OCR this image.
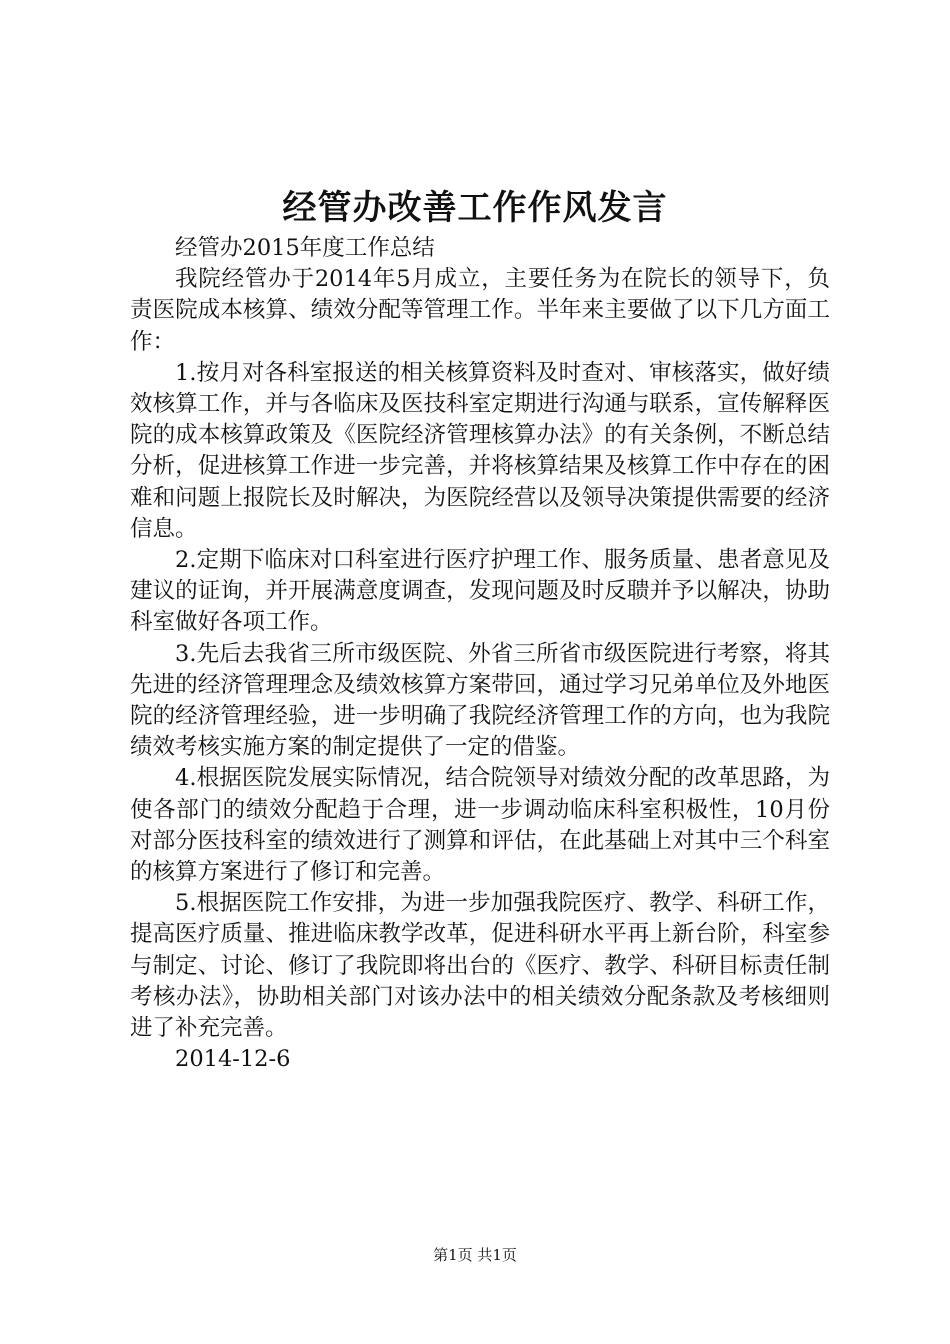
经管办改善工作作风发言

经管办2015年度工作总结

我院经管办于2014年5月成立，主要任务为在院长的领导下，负责医院成本核算、绩效分配等管理工作。半年来主要做了以下几方面工作：

1.按月对各科室报送的相关核算资料及时查对、审核落实，做好绩效核算工作，并与各临床及医技科室定期进行沟通与联系，宣传解释医院的成本核算政策及《医院经济管理核算办法》的有关条例，不断总结分析，促进核算工作进一步完善，并将核算结果及核算工作中存在的困难和问题上报院长及时解决，为医院经营以及领导决策提供需要的经济信息。

2.定期下临床对口科室进行医疗护理工作、服务质量、患者意见及建议的证询，并开展满意度调查，发现问题及时反聩并予以解决，协助科室做好各项工作。

3.先后去我省三所市级医院、外省三所省市级医院进行考察，将其先进的经济管理理念及绩效核算方案带回，通过学习兄弟单位及外地医院的经济管理经验，进一步明确了我院经济管理工作的方向，也为我院绩效考核实施方案的制定提供了一定的借鉴。

4.根据医院发展实际情况，结合院领导对绩效分配的改革思路，为使各部门的绩效分配趋于合理，进一步调动临床科室积极性，10月份对部分医技科室的绩效进行了测算和评估，在此基础上对其中三个科室的核算方案进行了修订和完善。

5.根据医院工作安排，为进一步加强我院医疗、教学、科研工作，提高医疗质量、推进临床教学改革，促进科研水平再上新台阶，科室参与制定、讨论、修订了我院即将出台的《医疗、教学、科研目标责任制考核办法》，协助相关部门对该办法中的相关绩效分配条款及考核细则进了补充完善。

2014-12-6

第1页 共1页
